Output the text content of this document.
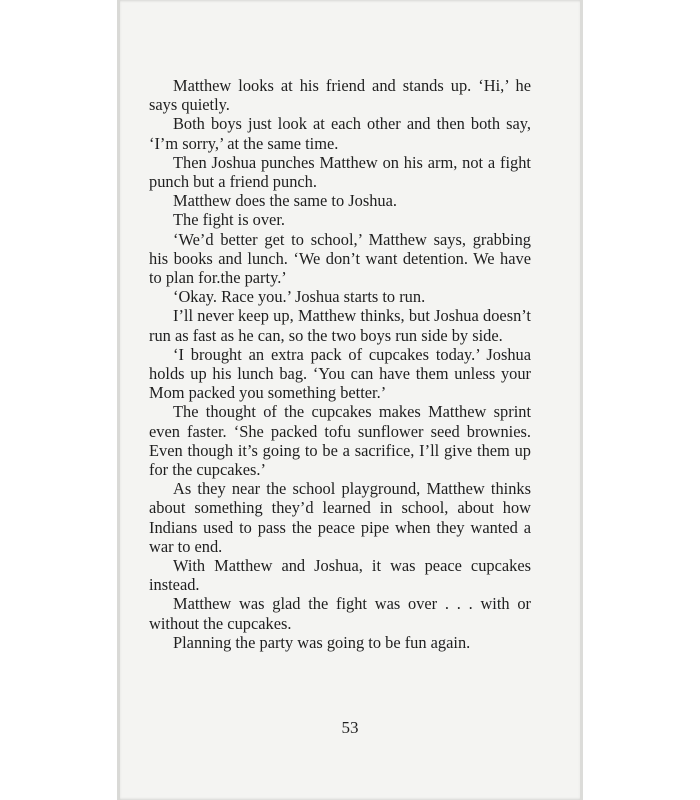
Matthew looks at his friend and stands up. ‘Hi,’ he says quietly.

Both boys just look at each other and then both say, ‘I’m sorry,’ at the same time.

Then Joshua punches Matthew on his arm, not a fight punch but a friend punch.

Matthew does the same to Joshua.

The fight is over.

‘We’d better get to school,’ Matthew says, grabbing his books and lunch. ‘We don’t want detention. We have to plan for.the party.’

‘Okay. Race you.’ Joshua starts to run.

I’ll never keep up, Matthew thinks, but Joshua doesn’t run as fast as he can, so the two boys run side by side.

‘I brought an extra pack of cupcakes today.’ Joshua holds up his lunch bag. ‘You can have them unless your Mom packed you something better.’

The thought of the cupcakes makes Matthew sprint even faster. ‘She packed tofu sunflower seed brownies. Even though it’s going to be a sacrifice, I’ll give them up for the cupcakes.’

As they near the school playground, Matthew thinks about something they’d learned in school, about how Indians used to pass the peace pipe when they wanted a war to end.

With Matthew and Joshua, it was peace cupcakes instead.

Matthew was glad the fight was over . . . with or without the cupcakes.

Planning the party was going to be fun again.

53
